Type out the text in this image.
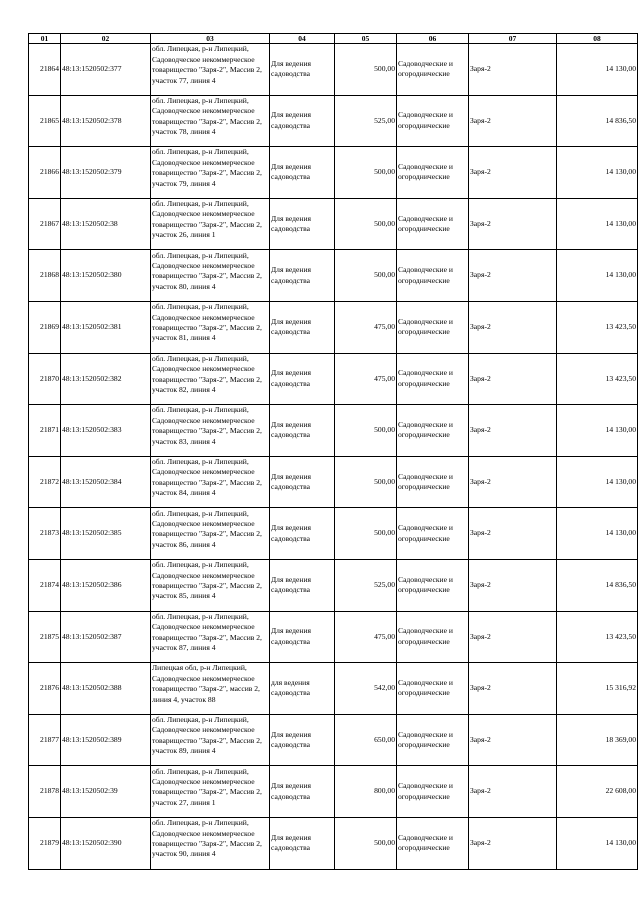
01	02	03	04	05	06	07	08
21864	48:13:1520502:377	обл. Липецкая, р-н Липецкий, Садоводческое некоммерческое товарищество "Заря-2", Массив 2, участок 77, линия 4	Для ведения садоводства	500,00	Садоводческие и огороднические	Заря-2	14 130,00
21865	48:13:1520502:378	обл. Липецкая, р-н Липецкий, Садоводческое некоммерческое товарищество "Заря-2", Массив 2, участок 78, линия 4	Для ведения садоводства	525,00	Садоводческие и огороднические	Заря-2	14 836,50
21866	48:13:1520502:379	обл. Липецкая, р-н Липецкий, Садоводческое некоммерческое товарищество "Заря-2", Массив 2, участок 79, линия 4	Для ведения садоводства	500,00	Садоводческие и огороднические	Заря-2	14 130,00
21867	48:13:1520502:38	обл. Липецкая, р-н Липецкий, Садоводческое некоммерческое товарищество "Заря-2", Массив 2, участок 26, линия 1	Для ведения садоводства	500,00	Садоводческие и огороднические	Заря-2	14 130,00
21868	48:13:1520502:380	обл. Липецкая, р-н Липецкий, Садоводческое некоммерческое товарищество "Заря-2", Массив 2, участок 80, линия 4	Для ведения садоводства	500,00	Садоводческие и огороднические	Заря-2	14 130,00
21869	48:13:1520502:381	обл. Липецкая, р-н Липецкий, Садоводческое некоммерческое товарищество "Заря-2", Массив 2, участок 81, линия 4	Для ведения садоводства	475,00	Садоводческие и огороднические	Заря-2	13 423,50
21870	48:13:1520502:382	обл. Липецкая, р-н Липецкий, Садоводческое некоммерческое товарищество "Заря-2", Массив 2, участок 82, линия 4	Для ведения садоводства	475,00	Садоводческие и огороднические	Заря-2	13 423,50
21871	48:13:1520502:383	обл. Липецкая, р-н Липецкий, Садоводческое некоммерческое товарищество "Заря-2", Массив 2, участок 83, линия 4	Для ведения садоводства	500,00	Садоводческие и огороднические	Заря-2	14 130,00
21872	48:13:1520502:384	обл. Липецкая, р-н Липецкий, Садоводческое некоммерческое товарищество "Заря-2", Массив 2, участок 84, линия 4	Для ведения садоводства	500,00	Садоводческие и огороднические	Заря-2	14 130,00
21873	48:13:1520502:385	обл. Липецкая, р-н Липецкий, Садоводческое некоммерческое товарищество "Заря-2", Массив 2, участок 86, линия 4	Для ведения садоводства	500,00	Садоводческие и огороднические	Заря-2	14 130,00
21874	48:13:1520502:386	обл. Липецкая, р-н Липецкий, Садоводческое некоммерческое товарищество "Заря-2", Массив 2, участок 85, линия 4	Для ведения садоводства	525,00	Садоводческие и огороднические	Заря-2	14 836,50
21875	48:13:1520502:387	обл. Липецкая, р-н Липецкий, Садоводческое некоммерческое товарищество "Заря-2", Массив 2, участок 87, линия 4	Для ведения садоводства	475,00	Садоводческие и огороднические	Заря-2	13 423,50
21876	48:13:1520502:388	Липецкая обл, р-н Липецкий, Садоводческое некоммерческое товарищество "Заря-2", массив 2, линия 4, участок 88	для ведения садоводства	542,00	Садоводческие и огороднические	Заря-2	15 316,92
21877	48:13:1520502:389	обл. Липецкая, р-н Липецкий, Садоводческое некоммерческое товарищество "Заря-2", Массив 2, участок 89, линия 4	Для ведения садоводства	650,00	Садоводческие и огороднические	Заря-2	18 369,00
21878	48:13:1520502:39	обл. Липецкая, р-н Липецкий, Садоводческое некоммерческое товарищество "Заря-2", Массив 2, участок 27, линия 1	Для ведения садоводства	800,00	Садоводческие и огороднические	Заря-2	22 608,00
21879	48:13:1520502:390	обл. Липецкая, р-н Липецкий, Садоводческое некоммерческое товарищество "Заря-2", Массив 2, участок 90, линия 4	Для ведения садоводства	500,00	Садоводческие и огороднические	Заря-2	14 130,00
